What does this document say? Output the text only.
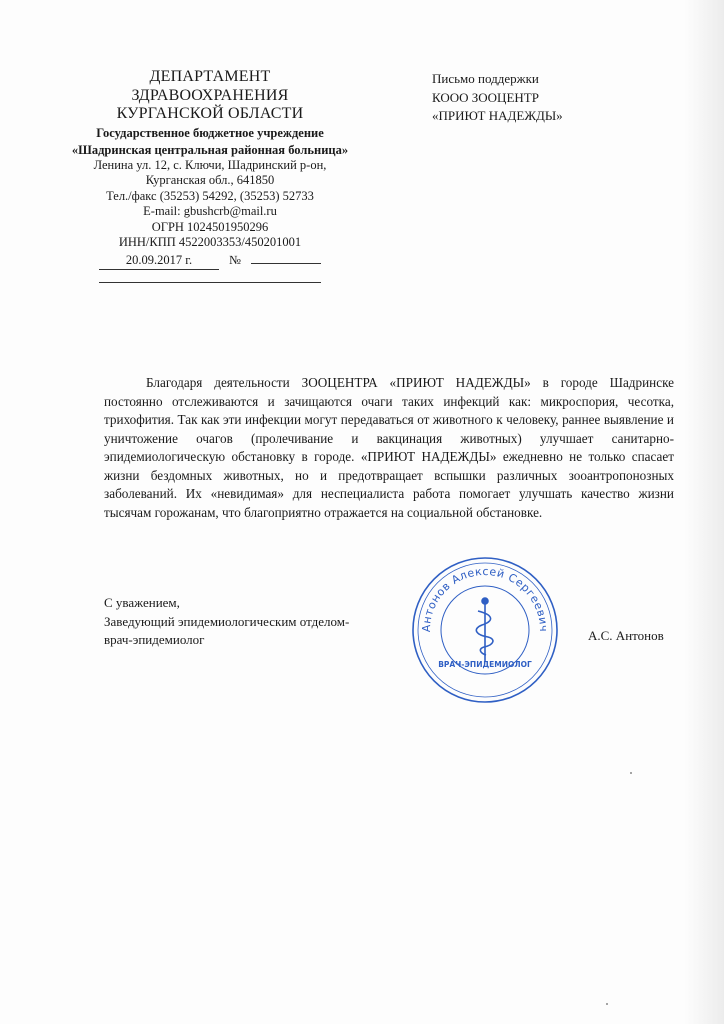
ДЕПАРТАМЕНТ
ЗДРАВООХРАНЕНИЯ
КУРГАНСКОЙ ОБЛАСТИ
Государственное бюджетное учреждение
«Шадринская центральная районная больница»
Ленина ул. 12, с. Ключи, Шадринский р-он,
Курганская обл., 641850
Тел./факс (35253) 54292, (35253) 52733
E-mail: gbushcrb@mail.ru
ОГРН 1024501950296
ИНН/КПП 4522003353/450201001
20.09.2017 г.	№
Письмо поддержки
КООО ЗООЦЕНТР
«ПРИЮТ НАДЕЖДЫ»

Благодаря деятельности ЗООЦЕНТРА «ПРИЮТ НАДЕЖДЫ» в городе Шадринске постоянно отслеживаются и зачищаются очаги таких инфекций как: микроспория, чесотка, трихофития. Так как эти инфекции могут передаваться от животного к человеку, раннее выявление и уничтожение очагов (пролечивание и вакцинация животных) улучшает санитарно-эпидемиологическую обстановку в городе. «ПРИЮТ НАДЕЖДЫ» ежедневно не только спасает жизни бездомных животных, но и предотвращает вспышки различных зооантропонозных заболеваний. Их «невидимая» для неспециалиста работа помогает улучшать качество жизни тысячам горожанам, что благоприятно отражается на социальной обстановке.

С уважением,
Заведующий эпидемиологическим отделом-
врач-эпидемиолог	А.С. Антонов
Антонов Алексей Сергеевич
ВРАЧ-ЭПИДЕМИОЛОГ
